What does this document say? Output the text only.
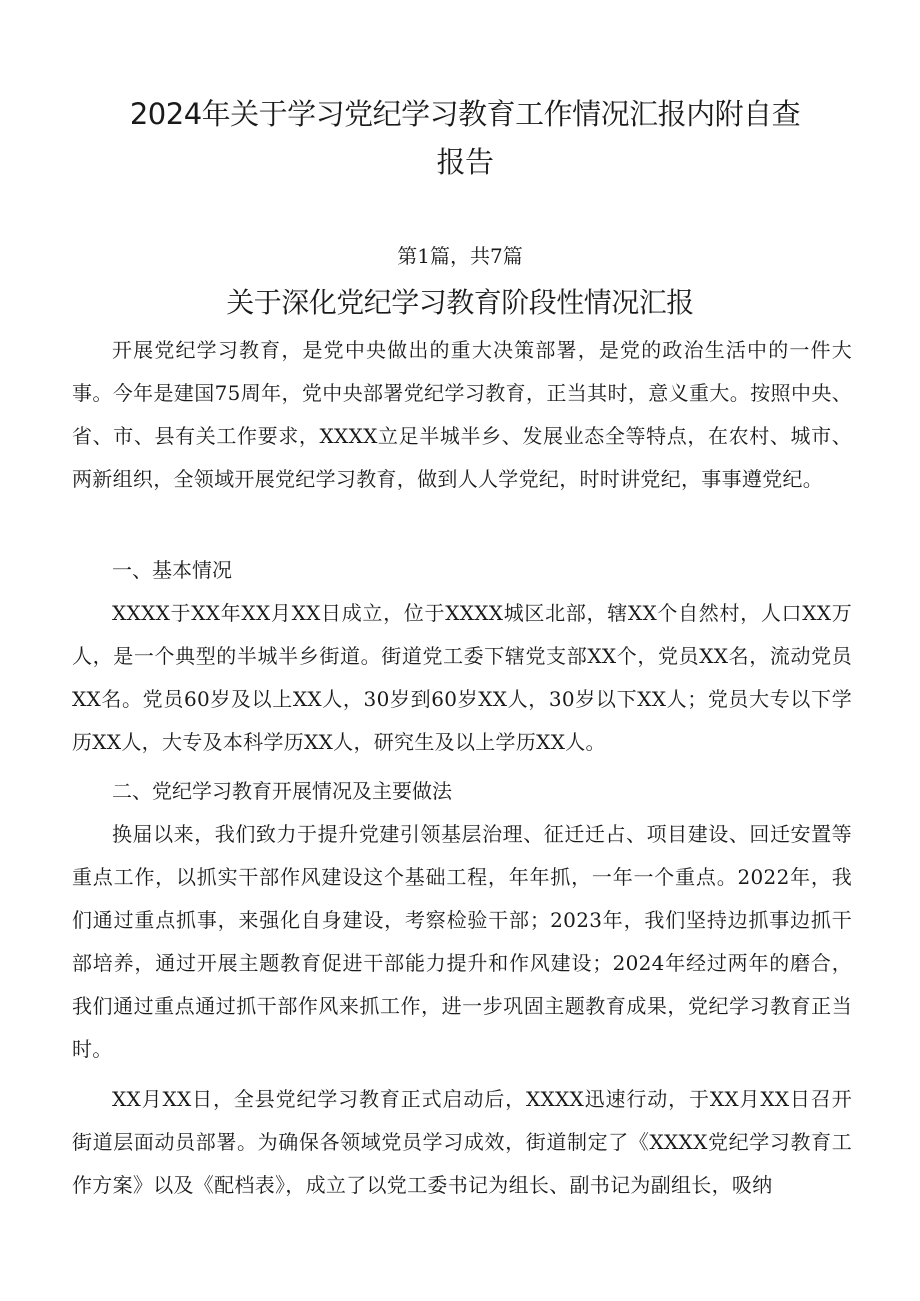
2024年关于学习党纪学习教育工作情况汇报内附自查报告
第1篇，共7篇
关于深化党纪学习教育阶段性情况汇报

开展党纪学习教育，是党中央做出的重大决策部署，是党的政治生活中的一件大事。今年是建国75周年，党中央部署党纪学习教育，正当其时，意义重大。按照中央、省、市、县有关工作要求，XXXX立足半城半乡、发展业态全等特点，在农村、城市、两新组织，全领域开展党纪学习教育，做到人人学党纪，时时讲党纪，事事遵党纪。

一、基本情况

XXXX于XX年XX月XX日成立，位于XXXX城区北部，辖XX个自然村，人口XX万人，是一个典型的半城半乡街道。街道党工委下辖党支部XX个，党员XX名，流动党员XX名。党员60岁及以上XX人，30岁到60岁XX人，30岁以下XX人；党员大专以下学历XX人，大专及本科学历XX人，研究生及以上学历XX人。

二、党纪学习教育开展情况及主要做法

换届以来，我们致力于提升党建引领基层治理、征迁迁占、项目建设、回迁安置等重点工作，以抓实干部作风建设这个基础工程，年年抓，一年一个重点。2022年，我们通过重点抓事，来强化自身建设，考察检验干部；2023年，我们坚持边抓事边抓干部培养，通过开展主题教育促进干部能力提升和作风建设；2024年经过两年的磨合，我们通过重点通过抓干部作风来抓工作，进一步巩固主题教育成果，党纪学习教育正当时。

XX月XX日，全县党纪学习教育正式启动后，XXXX迅速行动，于XX月XX日召开街道层面动员部署。为确保各领域党员学习成效，街道制定了《XXXX党纪学习教育工作方案》以及《配档表》，成立了以党工委书记为组长、副书记为副组长，吸纳
